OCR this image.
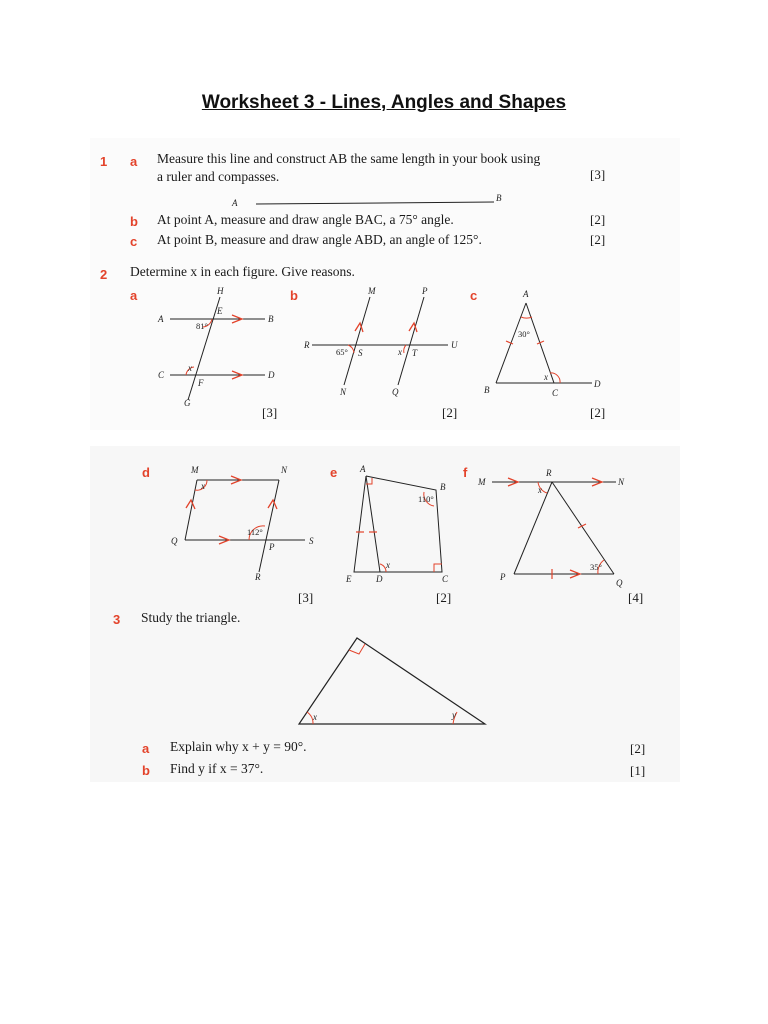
Worksheet 3 - Lines, Angles and Shapes
1 a Measure this line and construct AB the same length in your book using
a ruler and compasses.	[3]
A	B
b At point A, measure and draw angle BAC, a 75° angle.	[2]
c At point B, measure and draw angle ABD, an angle of 125°.	[2]
2 Determine x in each figure. Give reasons.
a	H
E
A	B
C	D
F
G
x
81°
[3]
b	M	P
R	U
S	T
x
N	Q
65°
[2]
c	A
B	C
D
x
30°
[2]
d	M	N
Q	S
P
R
x
112°
[3]
e	A
B
C
E	D
x
110°
[2]
f
M	N
R
P
Q
x
35°
[4]
3 Study the triangle.
x	y
a Explain why x + y = 90°.	[2]
b Find y if x = 37°.	[1]
